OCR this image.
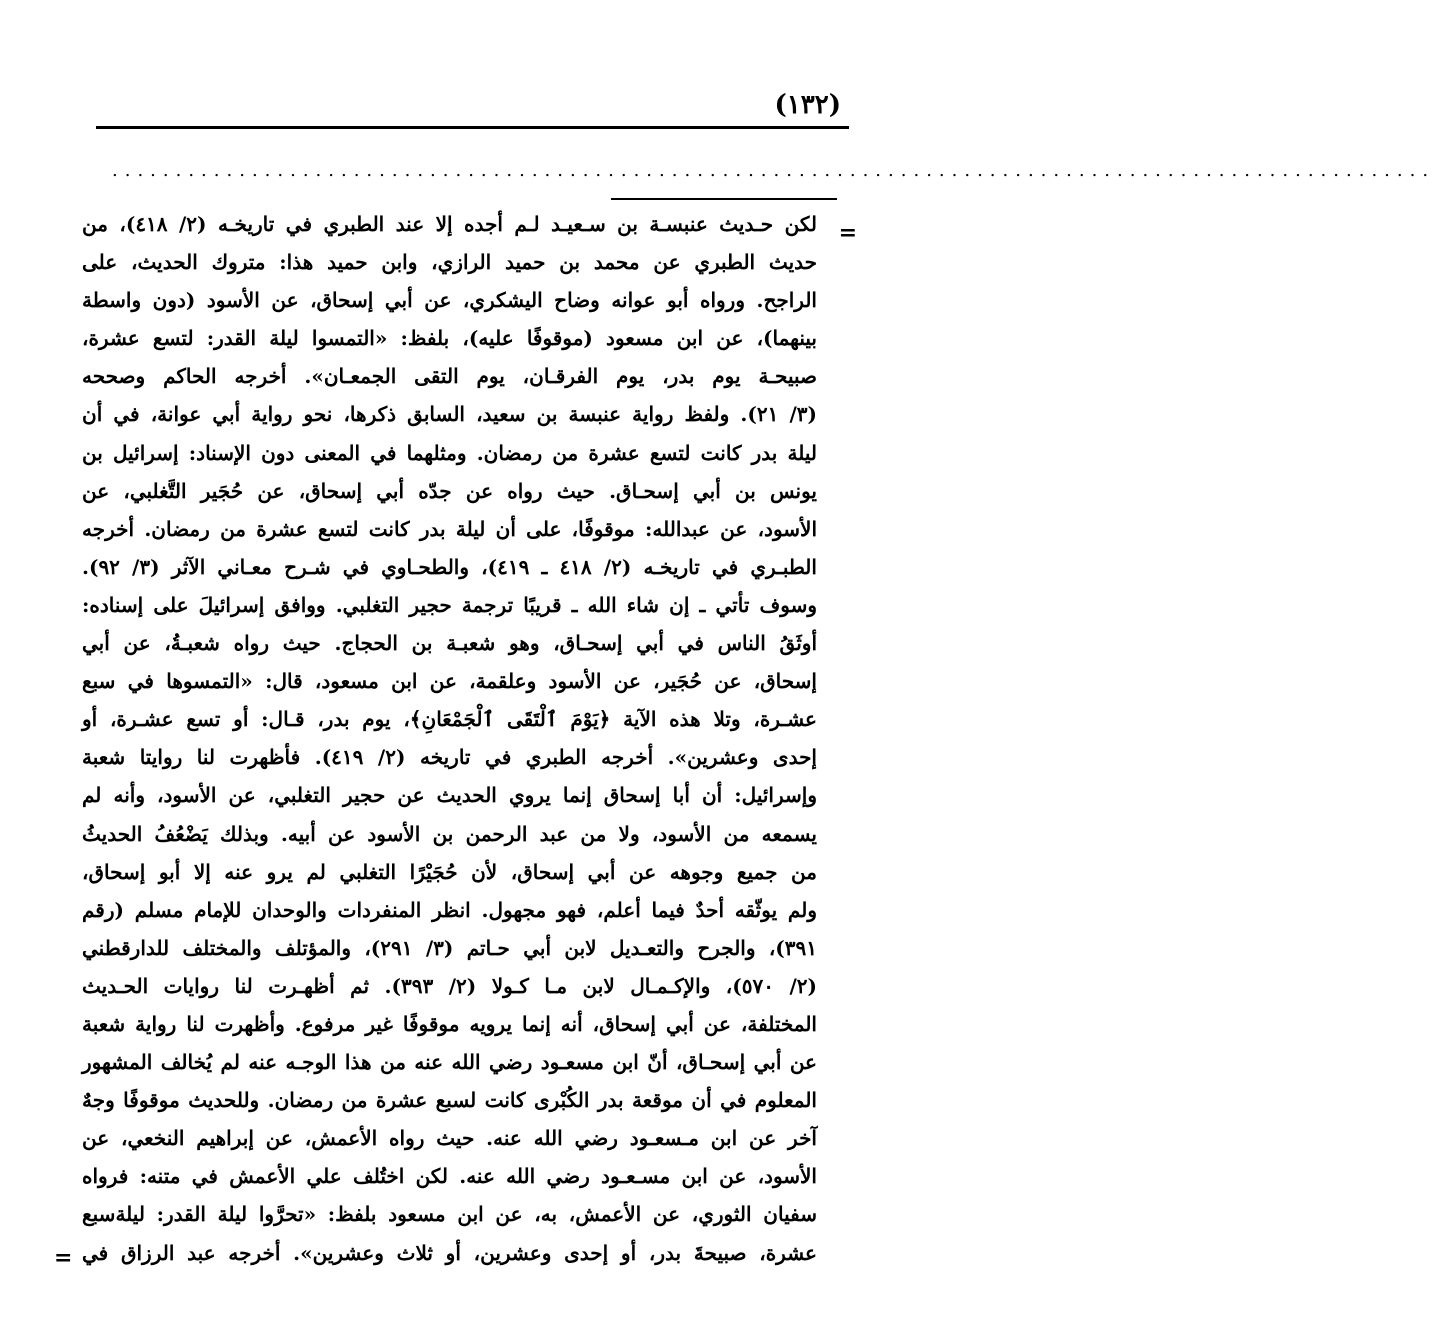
(١٣٢)
........................................................................................................
=
لكن حـديث عنبسـة بن سـعيـد لـم أجده إلا عند الطبري في تاريخـه (٢/ ٤١٨)، من
حديث الطبري عن محمد بن حميد الرازي، وابن حميد هذا: متروك الحديث، على
الراجح. ورواه أبو عوانه وضاح اليشكري، عن أبي إسحاق، عن الأسود (دون واسطة
بينهما)، عن ابن مسعود (موقوفًا عليه)، بلفظ: «التمسوا ليلة القدر: لتسع عشرة،
صبيحـة يوم بدر، يوم الفرقـان، يوم التقى الجمعـان». أخرجه الحاكم وصححه
(٣/ ٢١). ولفظ رواية عنبسة بن سعيد، السابق ذكرها، نحو رواية أبي عوانة، في أن
ليلة بدر كانت لتسع عشرة من رمضان. ومثلهما في المعنى دون الإسناد: إسرائيل بن
يونس بن أبي إسحـاق. حيث رواه عن جدّه أبي إسحاق، عن حُجَير التَّغلبي، عن
الأسود، عن عبدالله: موقوفًا، على أن ليلة بدر كانت لتسع عشرة من رمضان. أخرجه
الطبـري في تاريخـه (٢/ ٤١٨ ـ ٤١٩)، والطحـاوي في شـرح معـاني الآثر (٣/ ٩٢).
وسوف تأتي ـ إن شاء الله ـ قريبًا ترجمة حجير التغلبي. ووافق إسرائيلَ على إسناده:
أوثَقُ الناس في أبي إسحـاق، وهو شعبـة بن الحجاج. حيث رواه شعبـةُ، عن أبي
إسحاق، عن حُجَير، عن الأسود وعلقمة، عن ابن مسعود، قال: «التمسوها في سبع
عشـرة، وتلا هذه الآية ﴿يَوْمَ ٱلْتَقَى ٱلْجَمْعَانِ﴾، يوم بدر، قـال: أو تسع عشـرة، أو
إحدى وعشرين». أخرجه الطبري في تاريخه (٢/ ٤١٩). فأظهرت لنا روايتا شعبة
وإسرائيل: أن أبا إسحاق إنما يروي الحديث عن حجير التغلبي، عن الأسود، وأنه لم
يسمعه من الأسود، ولا من عبد الرحمن بن الأسود عن أبيه. وبذلك يَضْعُفُ الحديثُ
من جميع وجوهه عن أبي إسحاق، لأن حُجَيْرًا التغلبي لم يرو عنه إلا أبو إسحاق،
ولم يوثّقه أحدٌ فيما أعلم، فهو مجهول. انظر المنفردات والوحدان للإمام مسلم (رقم
٣٩١)، والجرح والتعـديل لابن أبي حـاتم (٣/ ٢٩١)، والمؤتلف والمختلف للدارقطني
(٢/ ٥٧٠)، والإكـمـال لابن مـا كـولا (٢/ ٣٩٣). ثم أظهـرت لنا روايات الحـديث
المختلفة، عن أبي إسحاق، أنه إنما يرويه موقوفًا غير مرفوع. وأظهرت لنا رواية شعبة
عن أبي إسحـاق، أنّ ابن مسعـود رضي الله عنه من هذا الوجـه عنه لم يُخالف المشهور
المعلوم في أن موقعة بدر الكُبْرى كانت لسبع عشرة من رمضان. وللحديث موقوفًا وجهٌ
آخر عن ابن مـسعـود رضي الله عنه. حيث رواه الأعمش، عن إبراهيم النخعي، عن
الأسود، عن ابن مسـعـود رضي الله عنه. لكن اختُلف علي الأعمش في متنه: فرواه
سفيان الثوري، عن الأعمش، به، عن ابن مسعود بلفظ: «تحرَّوا ليلة القدر: ليلةسبع
عشرة، صبيحةَ بدر، أو إحدى وعشرين، أو ثلاث وعشرين». أخرجه عبد الرزاق في
=
